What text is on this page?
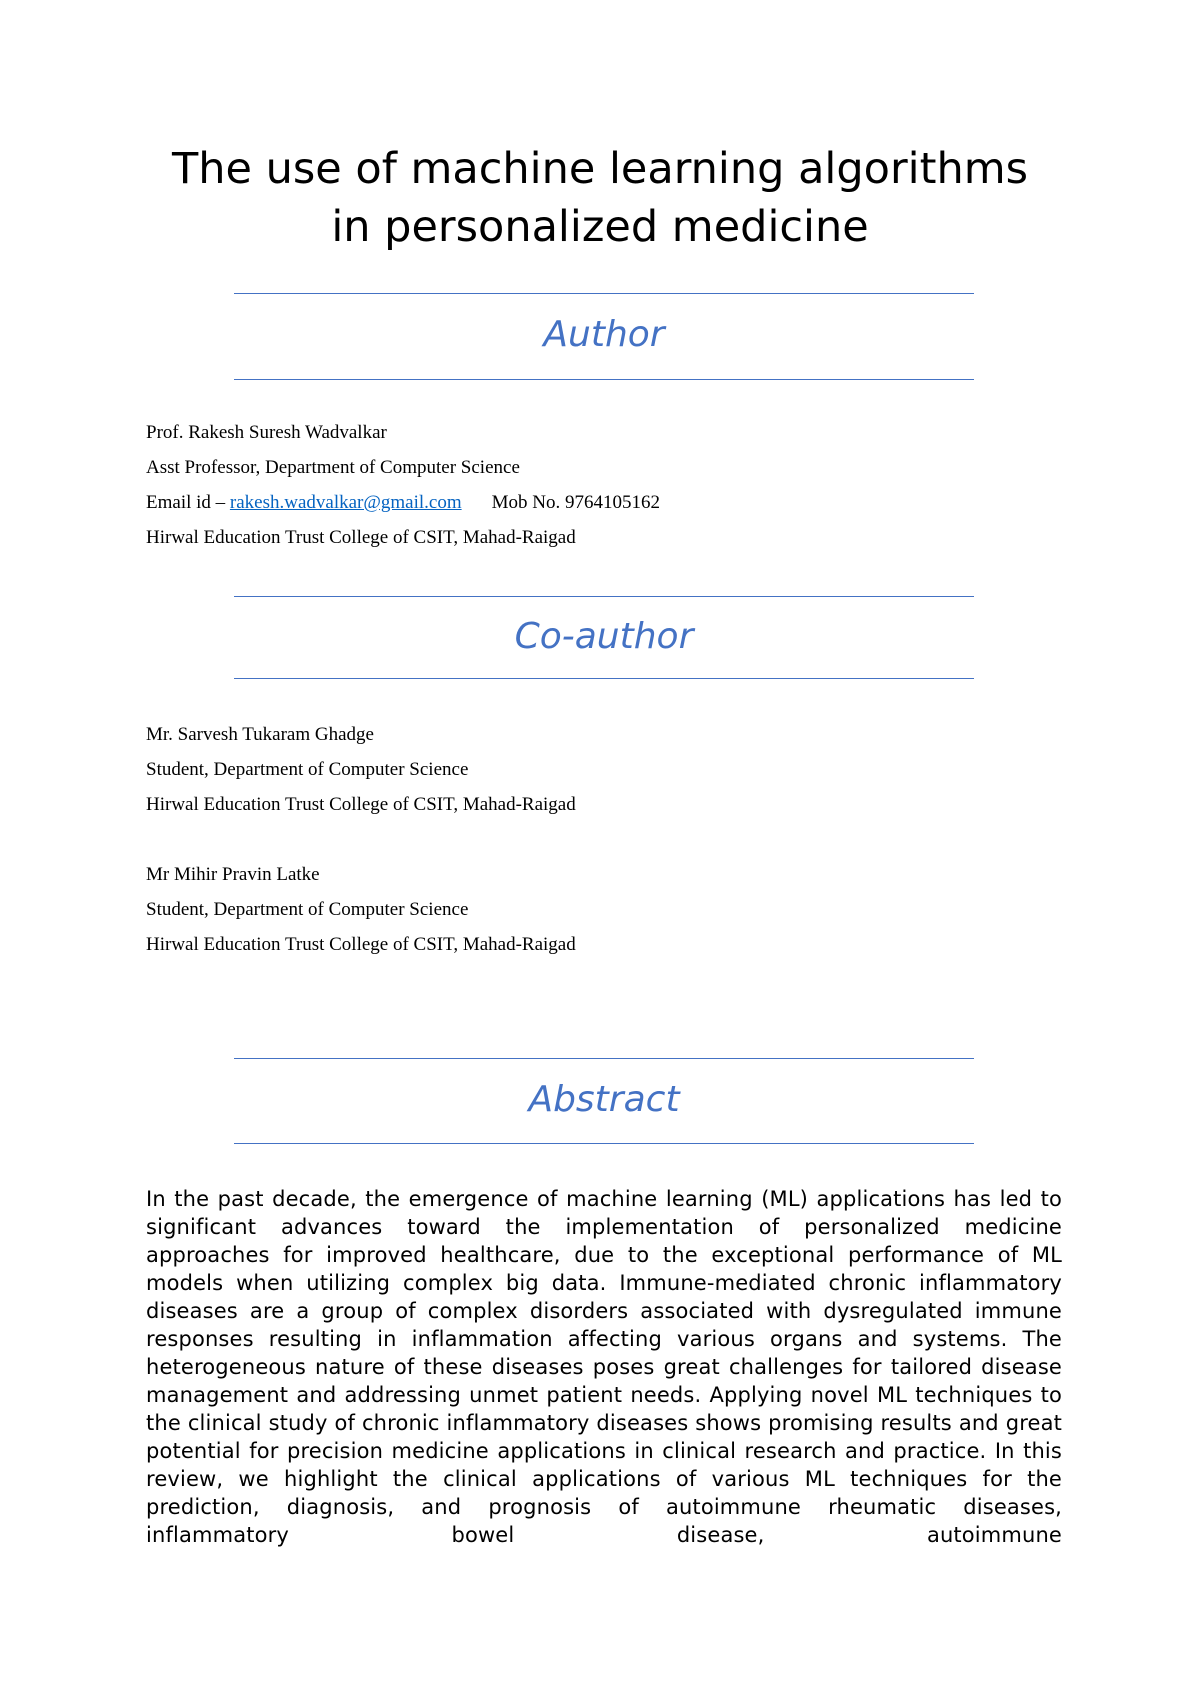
The use of machine learning algorithms
in personalized medicine
Author
Prof. Rakesh Suresh Wadvalkar
Asst Professor, Department of Computer Science
Email id – rakesh.wadvalkar@gmail.com Mob No. 9764105162
Hirwal Education Trust College of CSIT, Mahad-Raigad
Co-author
Mr. Sarvesh Tukaram Ghadge
Student, Department of Computer Science
Hirwal Education Trust College of CSIT, Mahad-Raigad
Mr Mihir Pravin Latke
Student, Department of Computer Science
Hirwal Education Trust College of CSIT, Mahad-Raigad
Abstract

In the past decade, the emergence of machine learning (ML) applications has led to significant advances toward the implementation of personalized medicine approaches for improved healthcare, due to the exceptional performance of ML models when utilizing complex big data. Immune-mediated chronic inflammatory diseases are a group of complex disorders associated with dysregulated immune responses resulting in inflammation affecting various organs and systems. The heterogeneous nature of these diseases poses great challenges for tailored disease management and addressing unmet patient needs. Applying novel ML techniques to the clinical study of chronic inflammatory diseases shows promising results and great potential for precision medicine applications in clinical research and practice. In this review, we highlight the clinical applications of various ML techniques for the prediction, diagnosis, and prognosis of autoimmune rheumatic diseases, inflammatory bowel disease, autoimmune
